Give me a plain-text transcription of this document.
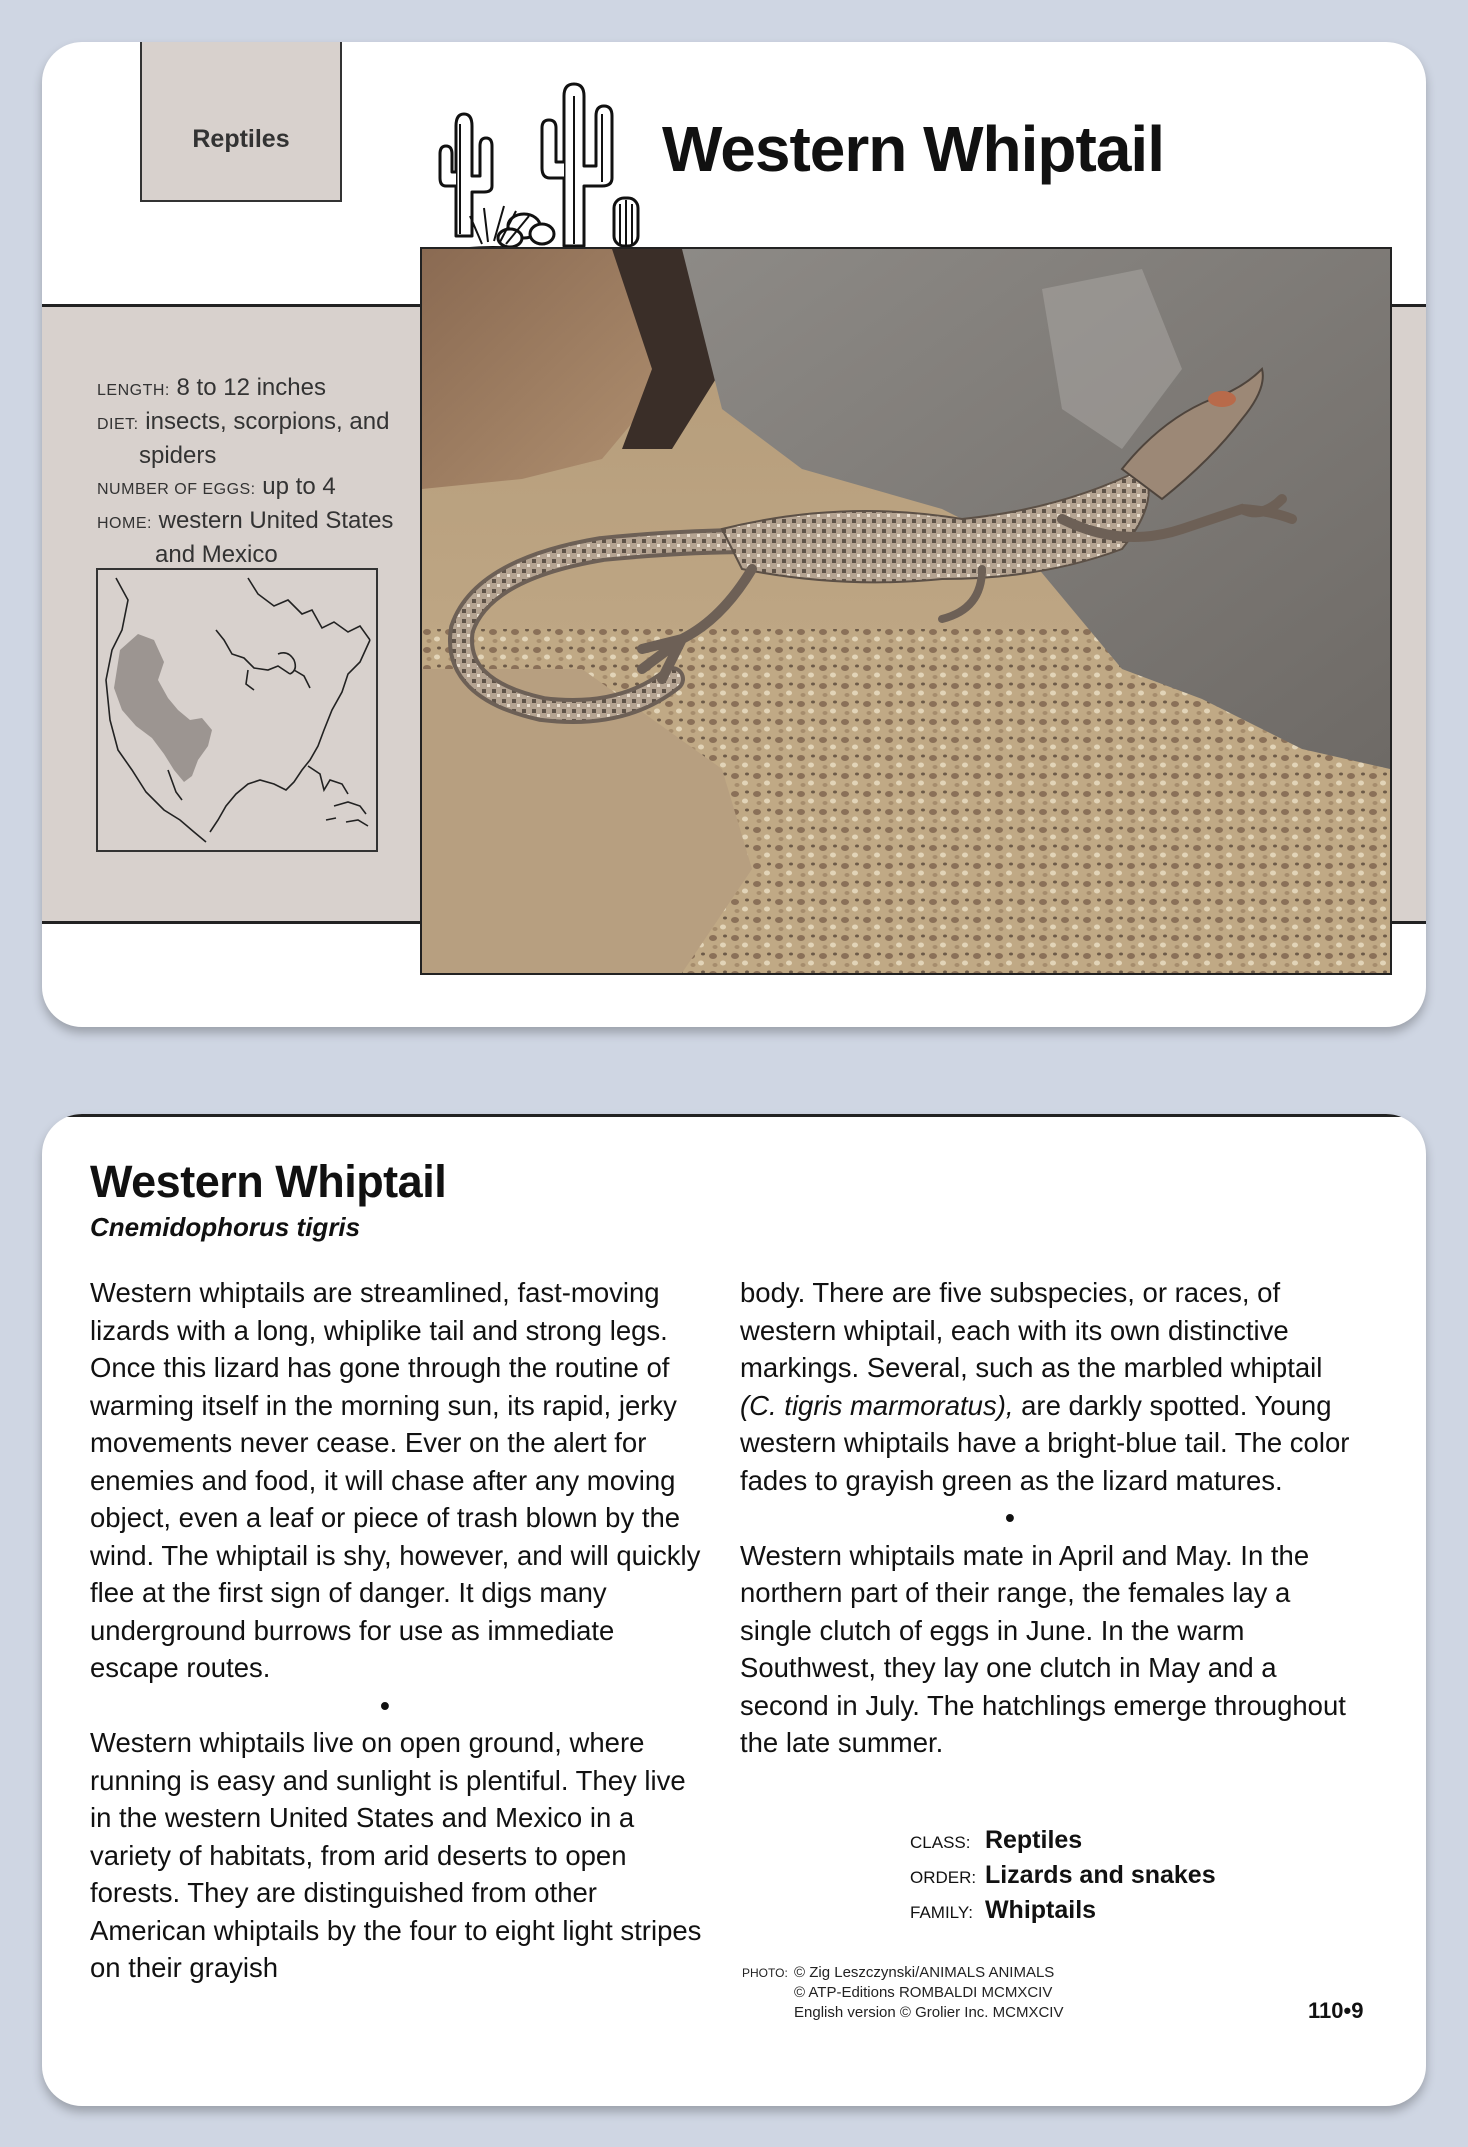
Reptiles	Western Whiptail
LENGTH: 8 to 12 inches
DIET: insects, scorpions, and
spiders
NUMBER OF EGGS: up to 4
HOME: western United States
and Mexico
Western Whiptail
Cnemidophorus tigris

Western whiptails are streamlined, fast-moving lizards with a long, whiplike tail and strong legs. Once this lizard has gone through the routine of warming itself in the morning sun, its rapid, jerky movements never cease. Ever on the alert for enemies and food, it will chase after any moving object, even a leaf or piece of trash blown by the wind. The whiptail is shy, however, and will quickly flee at the first sign of danger. It digs many underground burrows for use as immediate escape routes.

•

Western whiptails live on open ground, where running is easy and sunlight is plentiful. They live in the western United States and Mexico in a variety of habitats, from arid deserts to open forests. They are distinguished from other American whiptails by the four to eight light stripes on their grayish

body. There are five subspecies, or races, of western whiptail, each with its own distinctive markings. Several, such as the marbled whiptail (C. tigris marmoratus), are darkly spotted. Young western whiptails have a bright-blue tail. The color fades to grayish green as the lizard matures.

•

Western whiptails mate in April and May. In the northern part of their range, the females lay a single clutch of eggs in June. In the warm Southwest, they lay one clutch in May and a second in July. The hatchlings emerge throughout the late summer.

CLASS: Reptiles
ORDER: Lizards and snakes
FAMILY: Whiptails
PHOTO: © Zig Leszczynski/ANIMALS ANIMALS
© ATP-Editions ROMBALDI MCMXCIV
English version © Grolier Inc. MCMXCIV	110•9
